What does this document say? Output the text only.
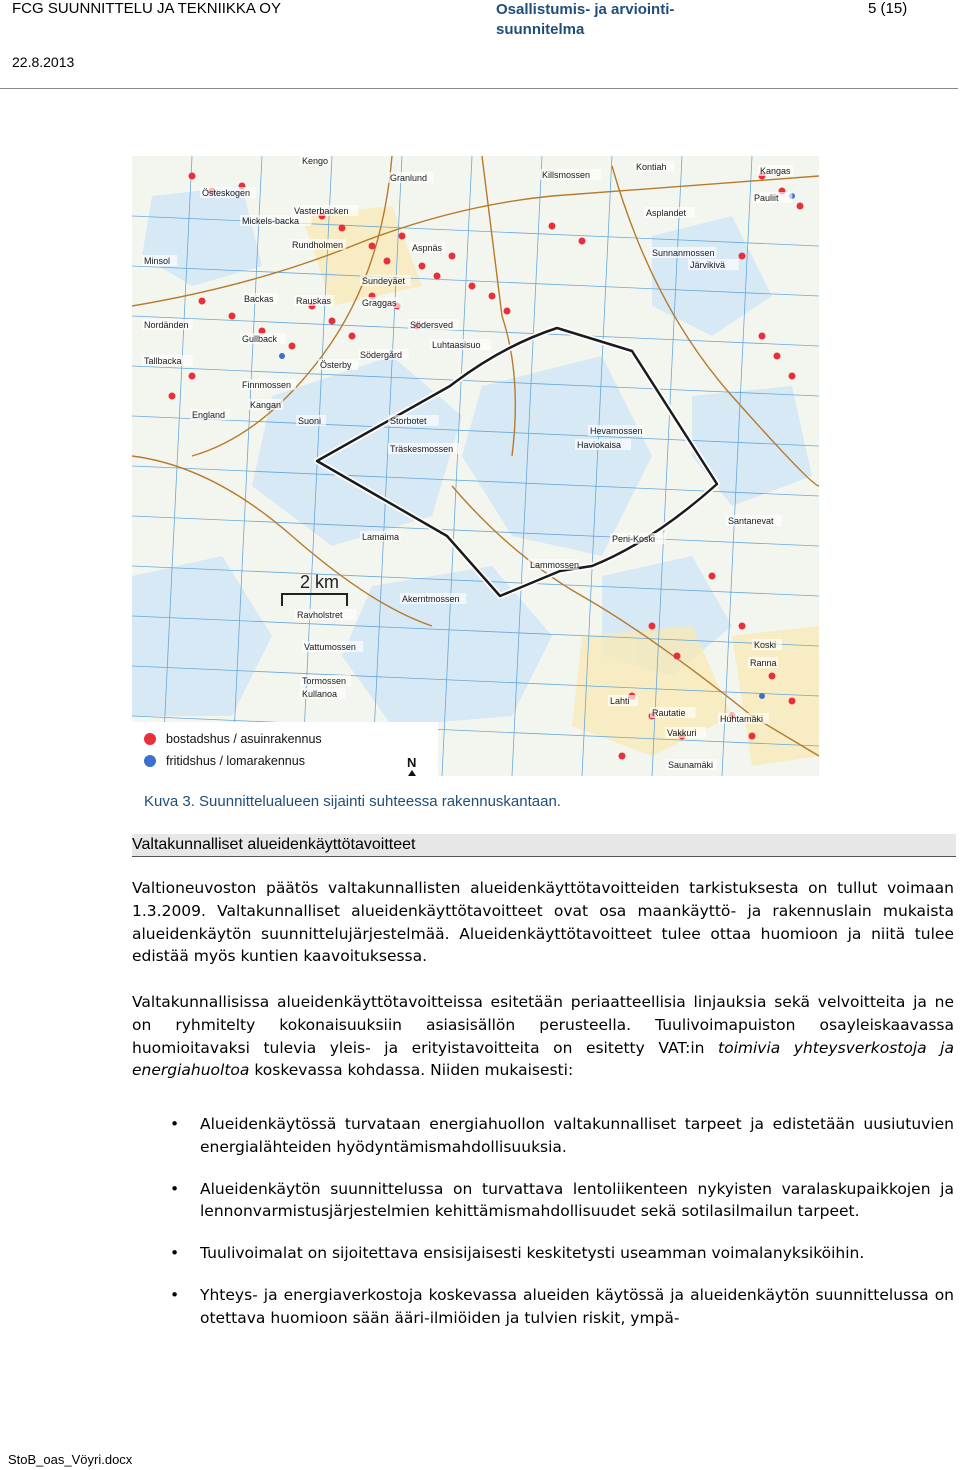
FCG SUUNNITTELU JA TEKNIIKKA OY	Osallistumis- ja arviointi-suunnitelma
5 (15)
22.8.2013
Kengo
Granlund	Killsmossen
Kontiah	Kangas
Östeskogen
Mickels-backa
Vasterbacken
Rundholmen	Aspnäs
Asplandet
Sunnanmossen
Järvikivä
Pauliit
Minsol
Backas Rauskas
Sundeyäet
Graggas
Södersved
Nordänden
Gullback
Tallbacka	Österby
Södergård
Luhtaasisuo
Finnmossen
Kangan
Suoni
England
Storbotet
Träskesmossen
Hevamossen
Haviokaisa
Santanevat
Lamaima
Lammossen
Peni-Koski
Akerntmossen
Ravholstret
Vattumossen	Koski
Ranna
Tormossen
Kullanoa
Lahti
Rautatie
Huhtamäki
Vakkuri
Saunamäki
2 km
bostadshus / asuinrakennus
fritidshus / lomarakennus	N
Kuva 3. Suunnittelualueen sijainti suhteessa rakennuskantaan.
Valtakunnalliset alueidenkäyttötavoitteet

Valtioneuvoston päätös valtakunnallisten alueidenkäyttötavoitteiden tarkistuksesta on tullut voimaan 1.3.2009. Valtakunnalliset alueidenkäyttötavoitteet ovat osa maankäyttö- ja rakennuslain mukaista alueidenkäytön suunnittelujärjestelmää. Alueidenkäyttötavoitteet tulee ottaa huomioon ja niitä tulee edistää myös kuntien kaavoituksessa.

Valtakunnallisissa alueidenkäyttötavoitteissa esitetään periaatteellisia linjauksia sekä velvoitteita ja ne on ryhmitelty kokonaisuuksiin asiasisällön perusteella. Tuulivoimapuiston osayleiskaavassa huomioitavaksi tulevia yleis- ja erityistavoitteita on esitetty VAT:in toimivia yhteysverkostoja ja energiahuoltoa koskevassa kohdassa. Niiden mukaisesti:

• Alueidenkäytössä turvataan energiahuollon valtakunnalliset tarpeet ja edistetään uusiutuvien energialähteiden hyödyntämismahdollisuuksia.
• Alueidenkäytön suunnittelussa on turvattava lentoliikenteen nykyisten varalaskupaikkojen ja lennonvarmistusjärjestelmien kehittämismahdollisuudet sekä sotilasilmailun tarpeet.
• Tuulivoimalat on sijoitettava ensisijaisesti keskitetysti useamman voimalanyksiköihin.
• Yhteys- ja energiaverkostoja koskevassa alueiden käytössä ja alueidenkäytön suunnittelussa on otettava huomioon sään ääri-ilmiöiden ja tulvien riskit, ympä-
StoB_oas_Vöyri.docx
